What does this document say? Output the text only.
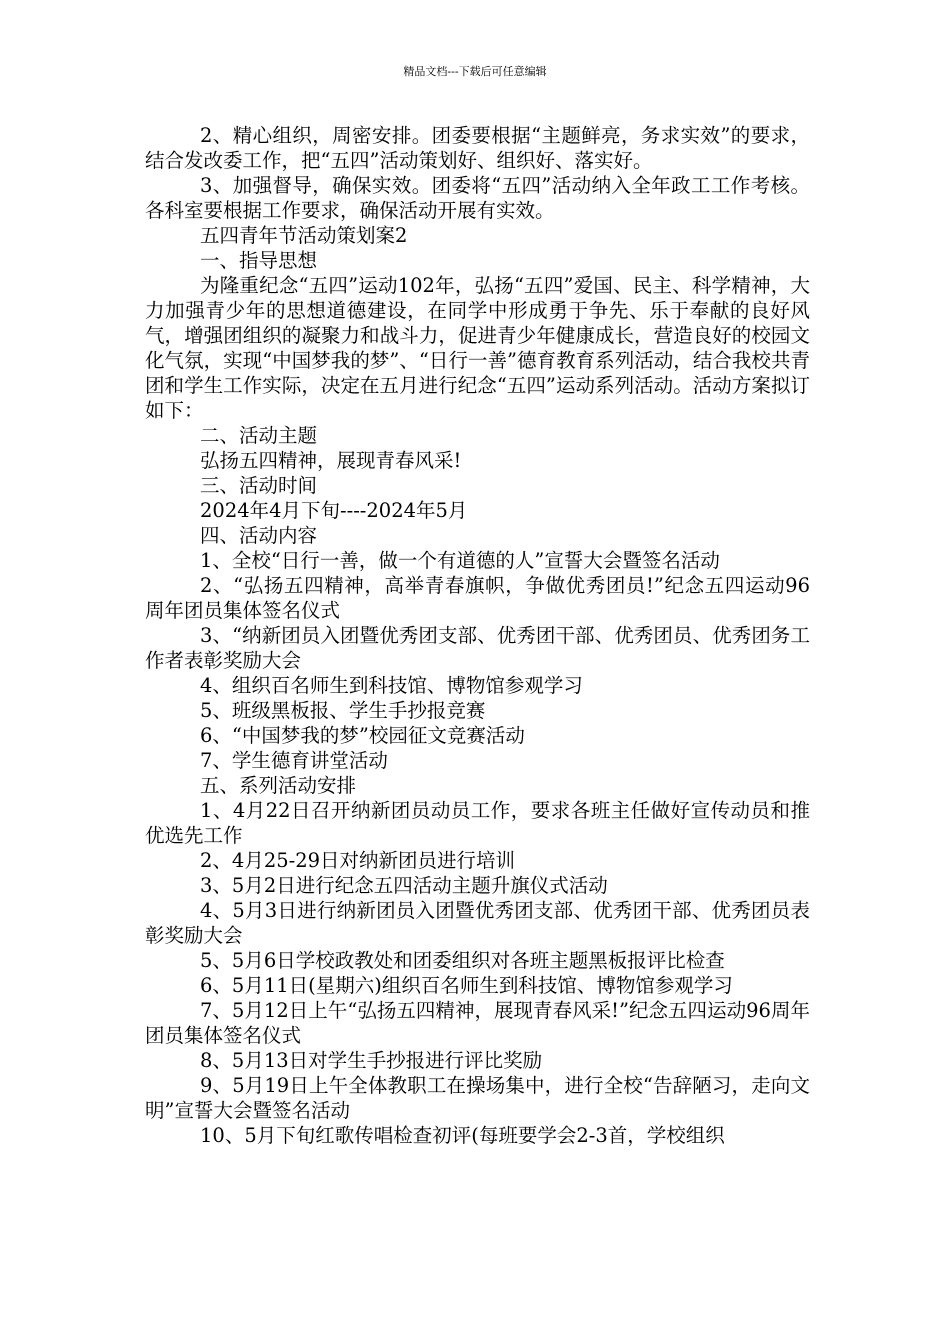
精品文档---下载后可任意编辑

2、精心组织，周密安排。团委要根据“主题鲜亮，务求实效”的要求，结合发改委工作，把“五四”活动策划好、组织好、落实好。

3、加强督导，确保实效。团委将“五四”活动纳入全年政工工作考核。各科室要根据工作要求，确保活动开展有实效。

五四青年节活动策划案2

一、指导思想

为隆重纪念“五四”运动102年，弘扬“五四”爱国、民主、科学精神，大力加强青少年的思想道德建设，在同学中形成勇于争先、乐于奉献的良好风气，增强团组织的凝聚力和战斗力，促进青少年健康成长，营造良好的校园文化气氛，实现“中国梦我的梦”、“日行一善”德育教育系列活动，结合我校共青团和学生工作实际，决定在五月进行纪念“五四”运动系列活动。活动方案拟订如下：

二、活动主题

弘扬五四精神，展现青春风采!

三、活动时间

2024年4月下旬----2024年5月

四、活动内容

1、全校“日行一善，做一个有道德的人”宣誓大会暨签名活动

2、“弘扬五四精神，高举青春旗帜，争做优秀团员!”纪念五四运动96周年团员集体签名仪式

3、“纳新团员入团暨优秀团支部、优秀团干部、优秀团员、优秀团务工作者表彰奖励大会

4、组织百名师生到科技馆、博物馆参观学习

5、班级黑板报、学生手抄报竞赛

6、“中国梦我的梦”校园征文竞赛活动

7、学生德育讲堂活动

五、系列活动安排

1、4月22日召开纳新团员动员工作，要求各班主任做好宣传动员和推优选先工作

2、4月25-29日对纳新团员进行培训

3、5月2日进行纪念五四活动主题升旗仪式活动

4、5月3日进行纳新团员入团暨优秀团支部、优秀团干部、优秀团员表彰奖励大会

5、5月6日学校政教处和团委组织对各班主题黑板报评比检查

6、5月11日(星期六)组织百名师生到科技馆、博物馆参观学习

7、5月12日上午“弘扬五四精神，展现青春风采!”纪念五四运动96周年团员集体签名仪式

8、5月13日对学生手抄报进行评比奖励

9、5月19日上午全体教职工在操场集中，进行全校“告辞陋习，走向文明”宣誓大会暨签名活动

10、5月下旬红歌传唱检查初评(每班要学会2-3首，学校组织
